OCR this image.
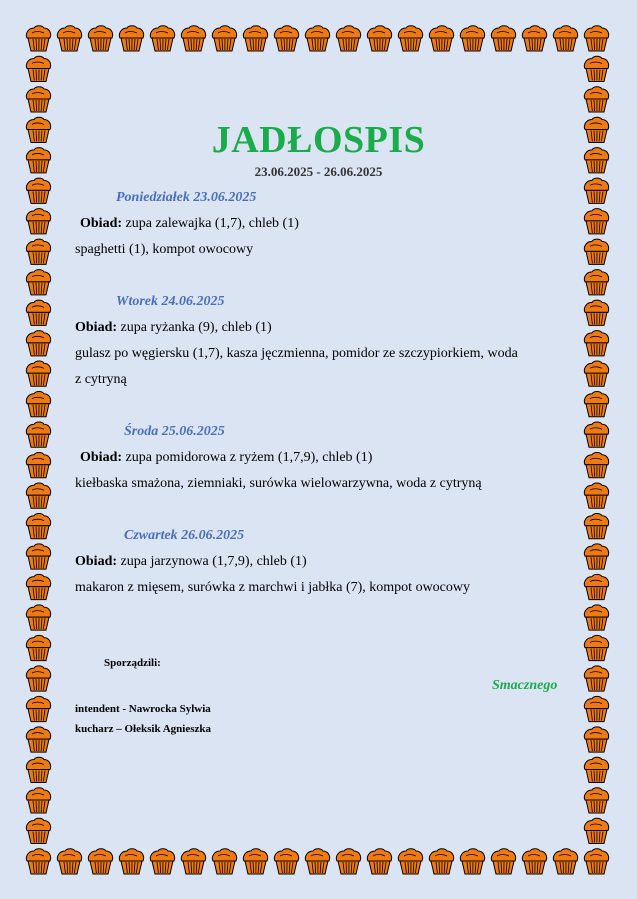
JADŁOSPIS
23.06.2025 - 26.06.2025
Poniedziałek 23.06.2025
Obiad: zupa zalewajka (1,7), chleb (1)
spaghetti (1), kompot owocowy
Wtorek 24.06.2025
Obiad: zupa ryżanka (9), chleb (1)
gulasz po węgiersku (1,7), kasza jęczmienna, pomidor ze szczypiorkiem, woda
z cytryną
Środa 25.06.2025
Obiad: zupa pomidorowa z ryżem (1,7,9), chleb (1)
kiełbaska smażona, ziemniaki, surówka wielowarzywna, woda z cytryną
Czwartek 26.06.2025
Obiad: zupa jarzynowa (1,7,9), chleb (1)
makaron z mięsem, surówka z marchwi i jabłka (7), kompot owocowy
Sporządzili:
Smacznego
intendent - Nawrocka Sylwia
kucharz – Ołeksik Agnieszka
